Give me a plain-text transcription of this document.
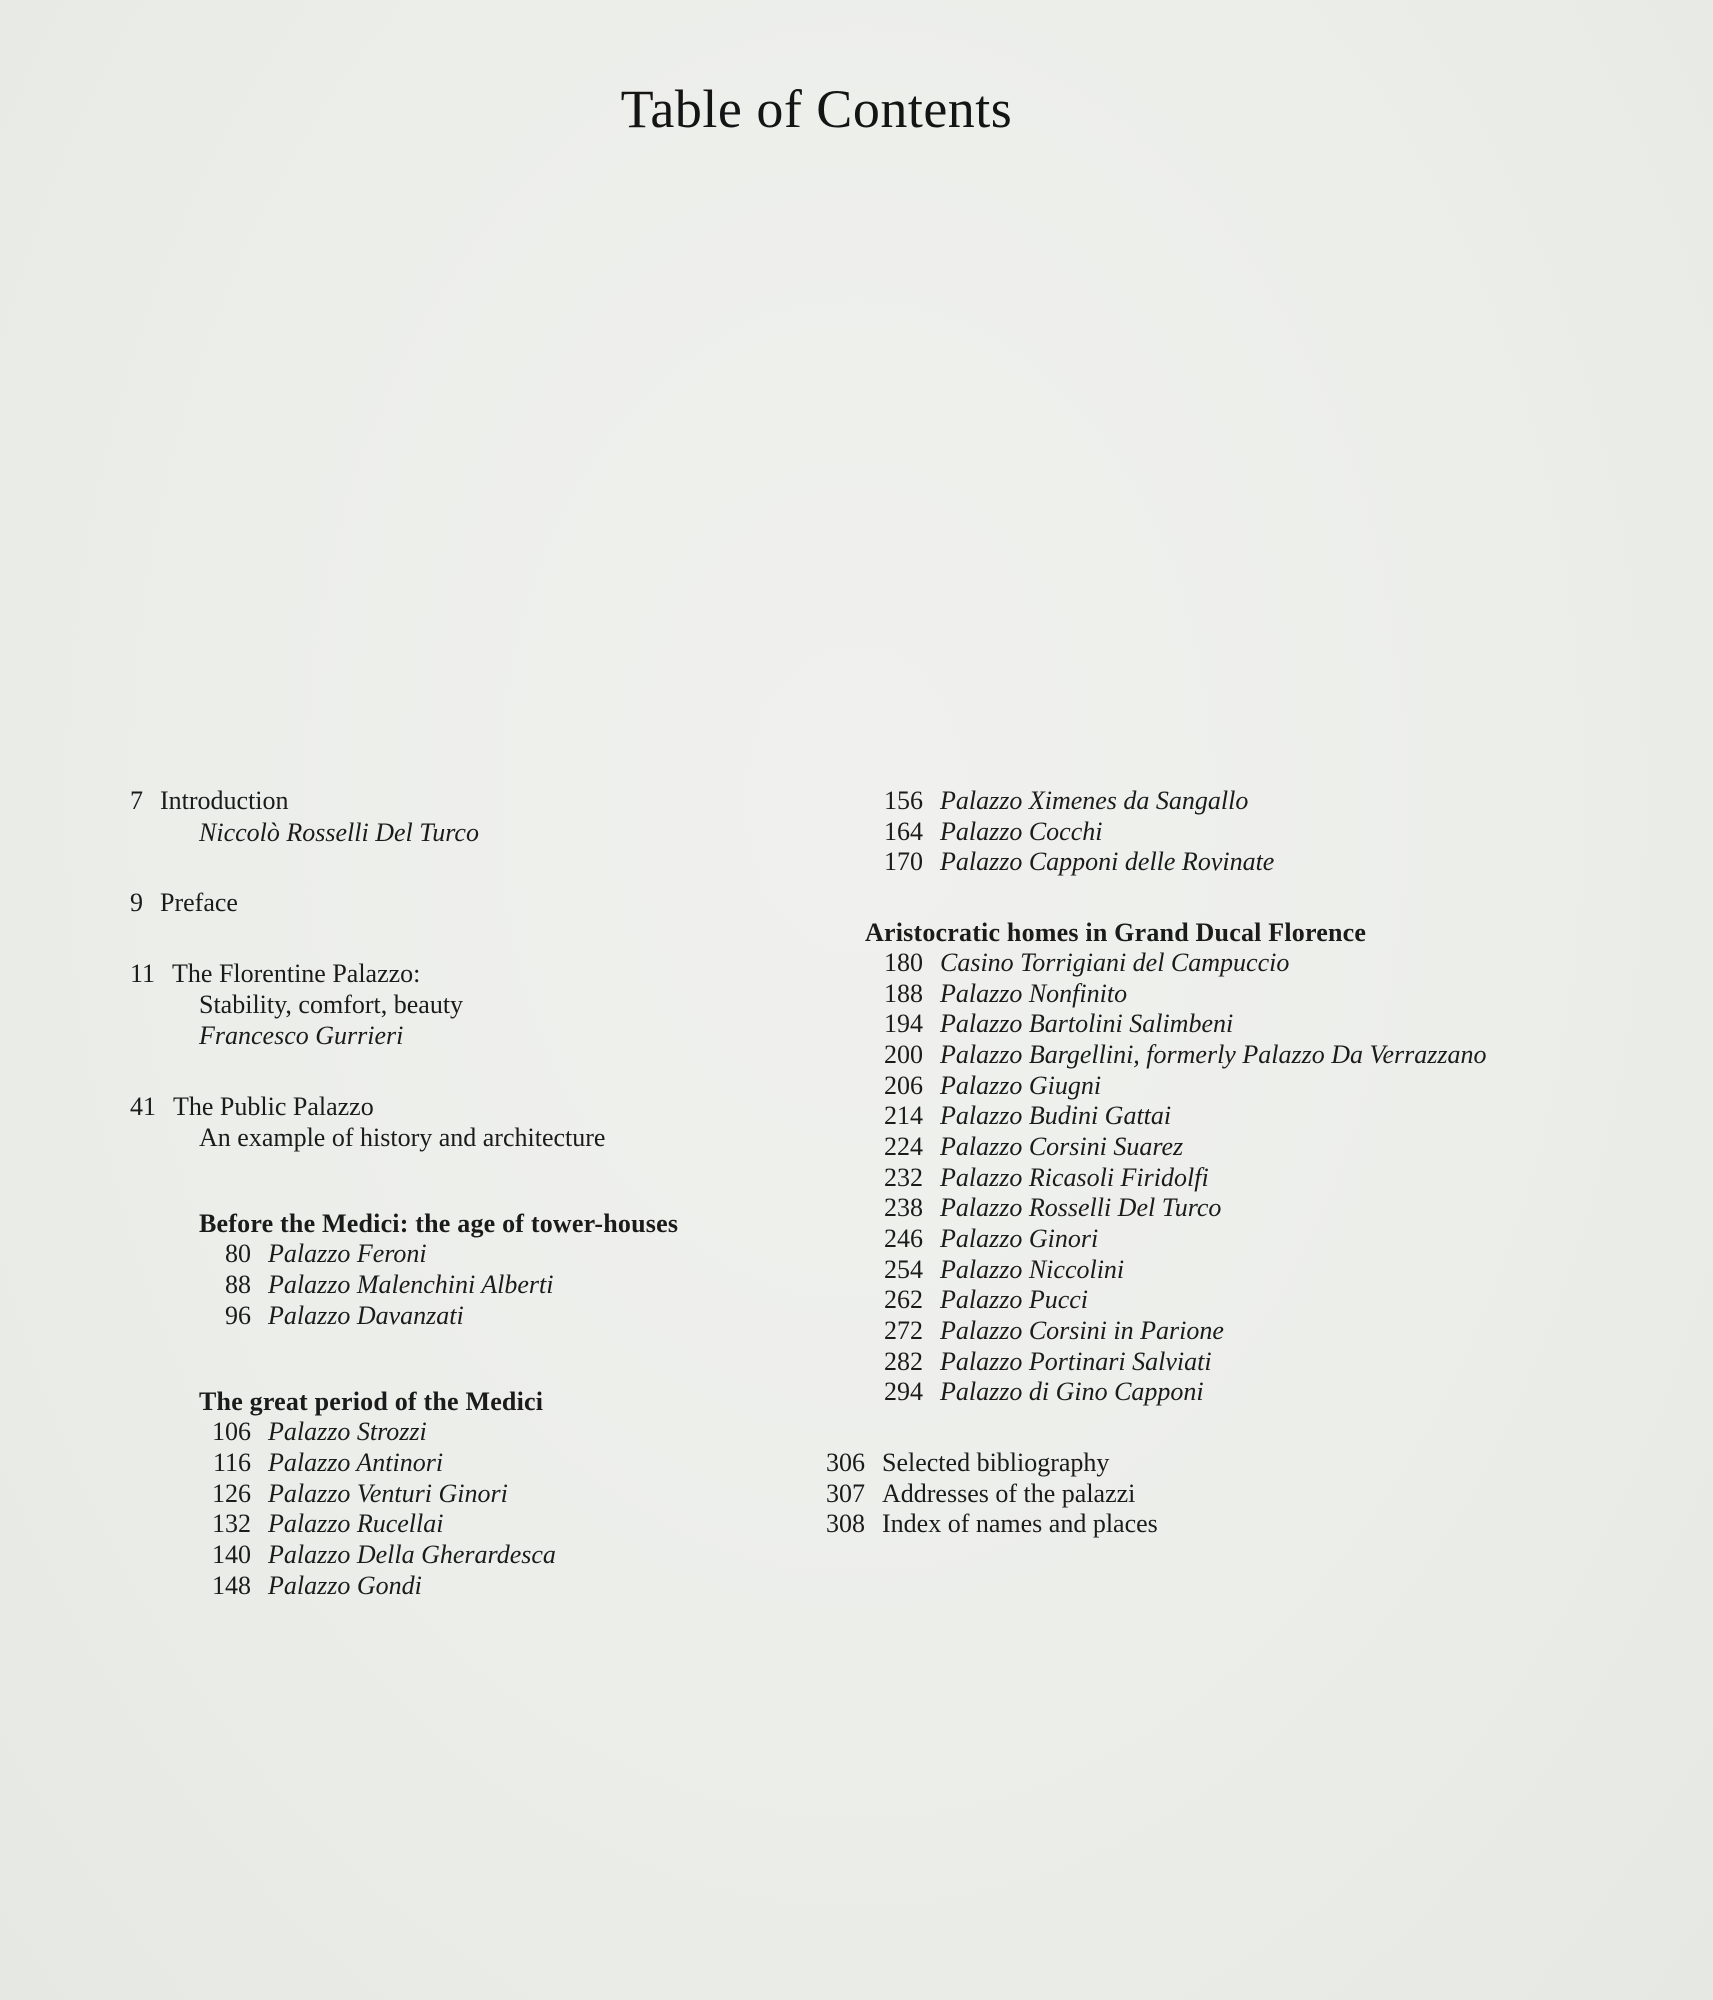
Table of Contents
7 Introduction
Niccolò Rosselli Del Turco
9 Preface
11 The Florentine Palazzo:
Stability, comfort, beauty
Francesco Gurrieri
41 The Public Palazzo
An example of history and architecture
Before the Medici: the age of tower-houses
80 Palazzo Feroni
88 Palazzo Malenchini Alberti
96 Palazzo Davanzati
The great period of the Medici
106 Palazzo Strozzi
116 Palazzo Antinori
126 Palazzo Venturi Ginori
132 Palazzo Rucellai
140 Palazzo Della Gherardesca
148 Palazzo Gondi
156 Palazzo Ximenes da Sangallo
164 Palazzo Cocchi
170 Palazzo Capponi delle Rovinate
Aristocratic homes in Grand Ducal Florence
180 Casino Torrigiani del Campuccio
188 Palazzo Nonfinito
194 Palazzo Bartolini Salimbeni
200 Palazzo Bargellini, formerly Palazzo Da Verrazzano
206 Palazzo Giugni
214 Palazzo Budini Gattai
224 Palazzo Corsini Suarez
232 Palazzo Ricasoli Firidolfi
238 Palazzo Rosselli Del Turco
246 Palazzo Ginori
254 Palazzo Niccolini
262 Palazzo Pucci
272 Palazzo Corsini in Parione
282 Palazzo Portinari Salviati
294 Palazzo di Gino Capponi
306 Selected bibliography
307 Addresses of the palazzi
308 Index of names and places
